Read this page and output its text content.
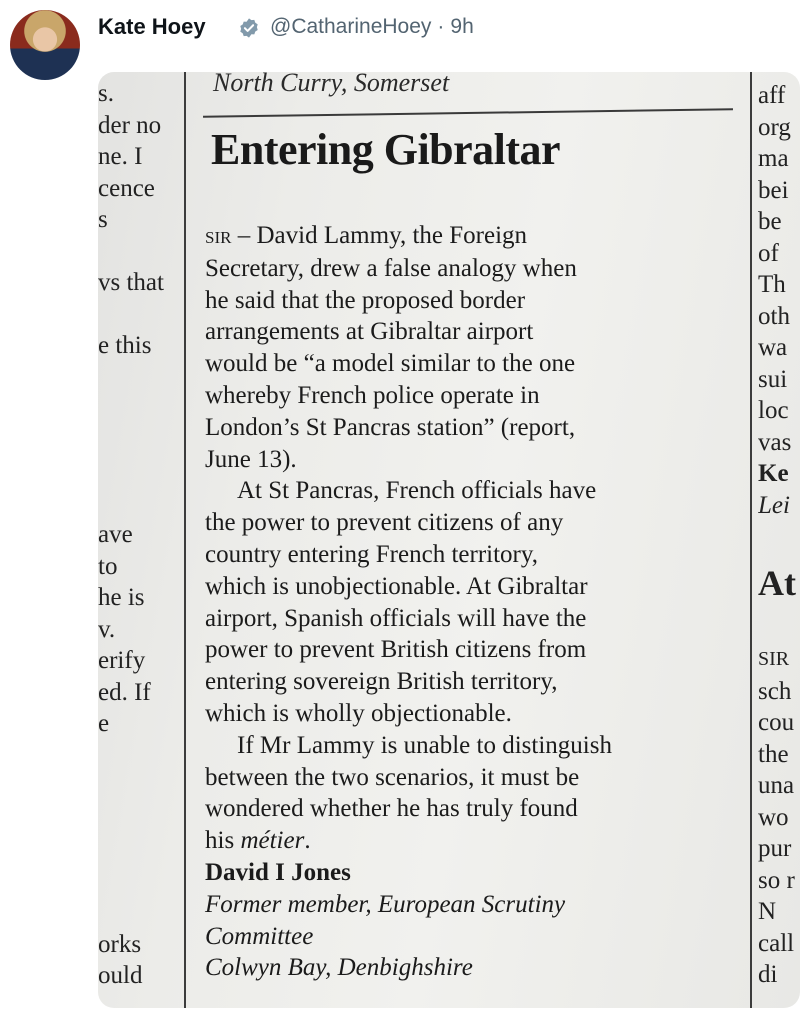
Kate Hoey	@CatharineHoey · 9h
s.
der no
ne. I
cence
s
vs that
e this
ave
to
he is
v.
erify
ed. If
e
orks
ould
aff
org
ma
bei
be
of
Th
oth
wa
sui
loc
vas
Ke
Lei
At
SIR
sch
cou
the
una
wo
pur
so r
N
call
di
North Curry, Somerset
Entering Gibraltar
sir – David Lammy, the Foreign
Secretary, drew a false analogy when
he said that the proposed border
arrangements at Gibraltar airport
would be “a model similar to the one
whereby French police operate in
London’s St Pancras station” (report,
June 13).
At St Pancras, French officials have
the power to prevent citizens of any
country entering French territory,
which is unobjectionable. At Gibraltar
airport, Spanish officials will have the
power to prevent British citizens from
entering sovereign British territory,
which is wholly objectionable.
If Mr Lammy is unable to distinguish
between the two scenarios, it must be
wondered whether he has truly found
his métier.
David I Jones
Former member, European Scrutiny
Committee
Colwyn Bay, Denbighshire
